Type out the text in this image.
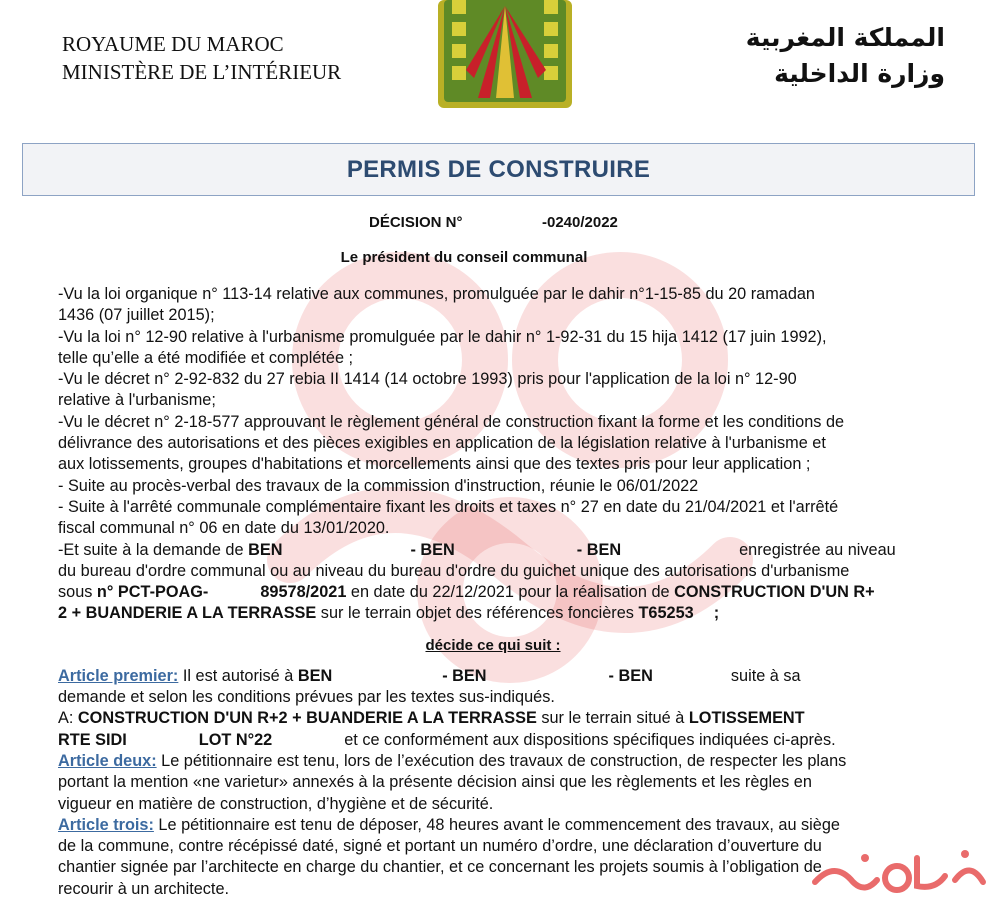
ROYAUME DU MAROC
MINISTÈRE DE L’INTÉRIEUR
المملكة المغربية
وزارة الداخلية
PERMIS DE CONSTRUIRE
DÉCISION N°	-0240/2022
Le président du conseil communal
-Vu la loi organique n° 113-14 relative aux communes, promulguée par le dahir n°1-15-85 du 20 ramadan
1436 (07 juillet 2015);
-Vu la loi n° 12-90 relative à l'urbanisme promulguée par le dahir n° 1-92-31 du 15 hija 1412 (17 juin 1992),
telle qu’elle a été modifiée et complétée ;
-Vu le décret n° 2-92-832 du 27 rebia II 1414 (14 octobre 1993) pris pour l'application de la loi n° 12-90
relative à l'urbanisme;
-Vu le décret n° 2-18-577 approuvant le règlement général de construction fixant la forme et les conditions de
délivrance des autorisations et des pièces exigibles en application de la législation relative à l'urbanisme et
aux lotissements, groupes d'habitations et morcellements ainsi que des textes pris pour leur application ;
- Suite au procès-verbal des travaux de la commission d'instruction, réunie le 06/01/2022
- Suite à l'arrêté communale complémentaire fixant les droits et taxes n° 27 en date du 21/04/2021 et l'arrêté
fiscal communal n° 06 en date du 13/01/2020.
-Et suite à la demande de BEN	- BEN	- BEN	enregistrée au niveau
du bureau d'ordre communal ou au niveau du bureau d'ordre du guichet unique des autorisations d'urbanisme
sous n° PCT-POAG-	89578/2021 en date du 22/12/2021 pour la réalisation de CONSTRUCTION D'UN R+
2 + BUANDERIE A LA TERRASSE sur le terrain objet des références foncières T65253 ;
décide ce qui suit :
Article premier: Il est autorisé à BEN	- BEN	- BEN	suite à sa
demande et selon les conditions prévues par les textes sus-indiqués.
A: CONSTRUCTION D'UN R+2 + BUANDERIE A LA TERRASSE sur le terrain situé à LOTISSEMENT
RTE SIDI	LOT N°22	et ce conformément aux dispositions spécifiques indiquées ci-après.
Article deux: Le pétitionnaire est tenu, lors de l’exécution des travaux de construction, de respecter les plans
portant la mention «ne varietur» annexés à la présente décision ainsi que les règlements et les règles en
vigueur en matière de construction, d’hygiène et de sécurité.
Article trois: Le pétitionnaire est tenu de déposer, 48 heures avant le commencement des travaux, au siège
de la commune, contre récépissé daté, signé et portant un numéro d’ordre, une déclaration d’ouverture du
chantier signée par l’architecte en charge du chantier, et ce concernant les projets soumis à l’obligation de
recourir à un architecte.
